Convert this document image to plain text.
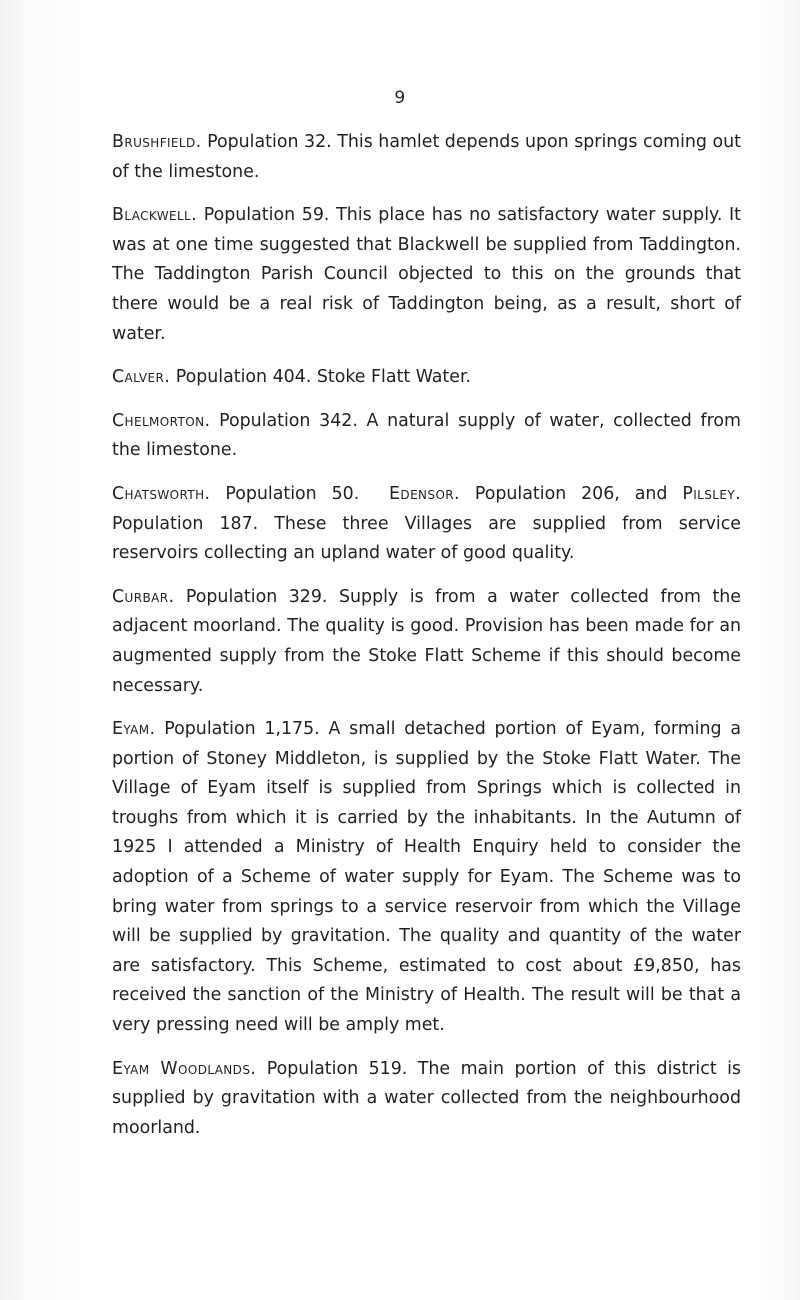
9

Brushfield. Population 32. This hamlet depends upon springs coming out of the limestone.

Blackwell. Population 59. This place has no satisfactory water supply. It was at one time suggested that Blackwell be supplied from Taddington. The Taddington Parish Council objected to this on the grounds that there would be a real risk of Taddington being, as a result, short of water.

Calver. Population 404. Stoke Flatt Water.

Chelmorton. Population 342. A natural supply of water, collected from the limestone.

Chatsworth. Population 50. Edensor. Population 206, and Pilsley. Population 187. These three Villages are supplied from service reservoirs collecting an upland water of good quality.

Curbar. Population 329. Supply is from a water collected from the adjacent moorland. The quality is good. Provision has been made for an augmented supply from the Stoke Flatt Scheme if this should become necessary.

Eyam. Population 1,175. A small detached portion of Eyam, forming a portion of Stoney Middleton, is supplied by the Stoke Flatt Water. The Village of Eyam itself is supplied from Springs which is collected in troughs from which it is carried by the inhabitants. In the Autumn of 1925 I attended a Ministry of Health Enquiry held to consider the adoption of a Scheme of water supply for Eyam. The Scheme was to bring water from springs to a service reservoir from which the Village will be supplied by gravitation. The quality and quantity of the water are satisfactory. This Scheme, estimated to cost about £9,850, has received the sanction of the Ministry of Health. The result will be that a very pressing need will be amply met.

Eyam Woodlands. Population 519. The main portion of this district is supplied by gravitation with a water collected from the neighbourhood moorland.
